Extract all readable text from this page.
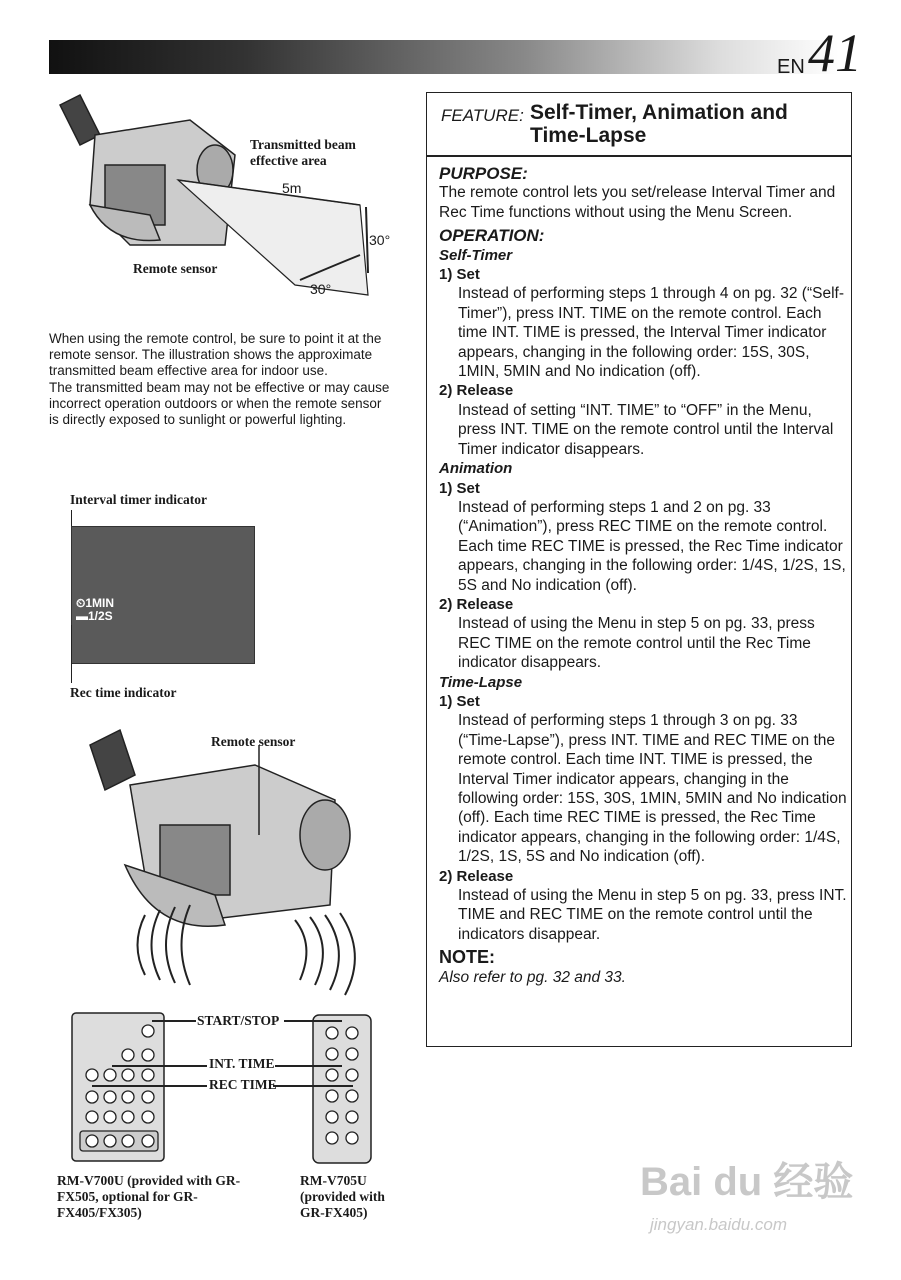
EN 41
FEATURE: Self-Timer, Animation and Time-Lapse
PURPOSE:
The remote control lets you set/release Interval Timer and Rec Time functions without using the Menu Screen.
OPERATION:
Self-Timer
1) Set
Instead of performing steps 1 through 4 on pg. 32 (“Self-Timer”), press INT. TIME on the remote control. Each time INT. TIME is pressed, the Interval Timer indicator appears, changing in the following order: 15S, 30S, 1MIN, 5MIN and No indication (off).
2) Release
Instead of setting “INT. TIME” to “OFF” in the Menu, press INT. TIME on the remote control until the Interval Timer indicator disappears.
Animation
1) Set
Instead of performing steps 1 and 2 on pg. 33 (“Animation”), press REC TIME on the remote control. Each time REC TIME is pressed, the Rec Time indicator appears, changing in the following order: 1/4S, 1/2S, 1S, 5S and No indication (off).
2) Release
Instead of using the Menu in step 5 on pg. 33, press REC TIME on the remote control until the Rec Time indicator disappears.
Time-Lapse
1) Set
Instead of performing steps 1 through 3 on pg. 33 (“Time-Lapse”), press INT. TIME and REC TIME on the remote control. Each time INT. TIME is pressed, the Interval Timer indicator appears, changing in the following order: 15S, 30S, 1MIN, 5MIN and No indication (off). Each time REC TIME is pressed, the Rec Time indicator appears, changing in the following order: 1/4S, 1/2S, 1S, 5S and No indication (off).
2) Release
Instead of using the Menu in step 5 on pg. 33, press INT. TIME and REC TIME on the remote control until the indicators disappear.
NOTE:
Also refer to pg. 32 and 33.
Transmitted beam effective area
5m
30°
30°
Remote sensor
When using the remote control, be sure to point it at the remote sensor. The illustration shows the approximate transmitted beam effective area for indoor use.
The transmitted beam may not be effective or may cause incorrect operation outdoors or when the remote sensor is directly exposed to sunlight or powerful lighting.
Interval timer indicator
⏲1MIN
▬1/2S
Rec time indicator
Remote sensor
START/STOP
INT. TIME
REC TIME
RM-V700U (provided with GR-FX505, optional for GR-FX405/FX305)
RM-V705U (provided with GR-FX405)
Bai du 经验
jingyan.baidu.com
